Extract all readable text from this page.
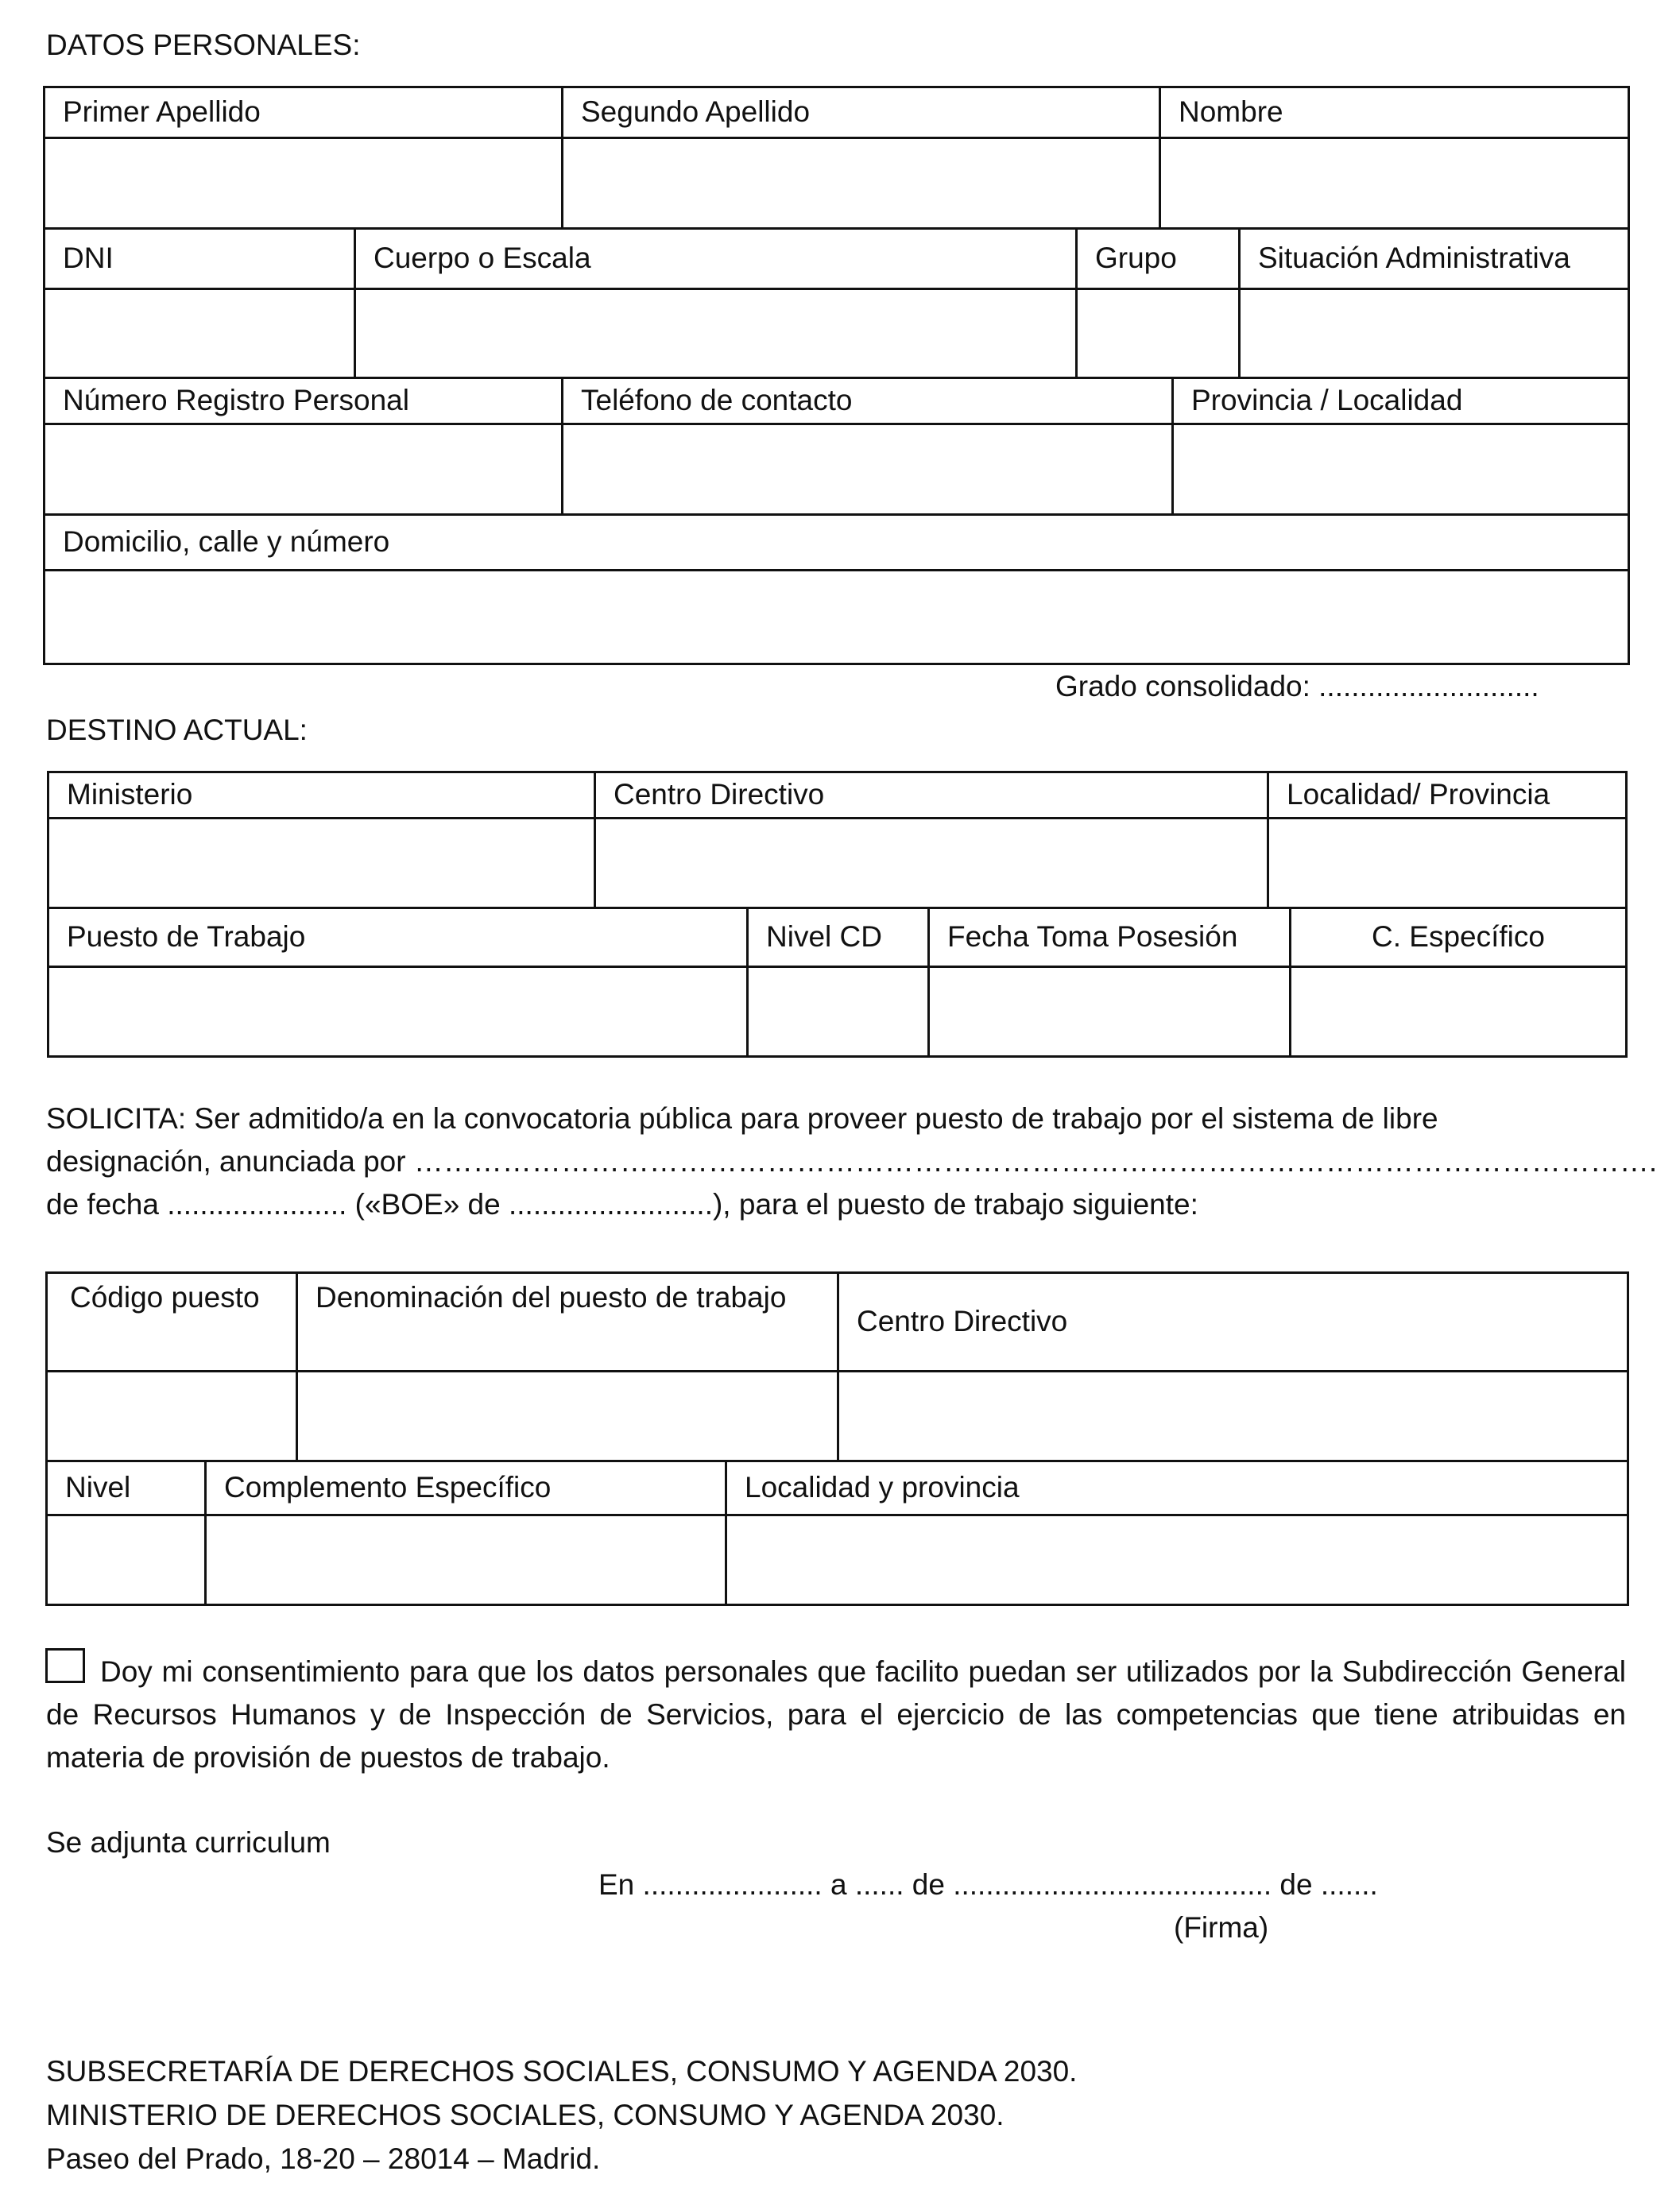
DATOS PERSONALES:
Primer Apellido	Segundo Apellido	Nombre

DNI	Cuerpo o Escala	Grupo	Situación Administrativa

Número Registro Personal	Teléfono de contacto	Provincia / Localidad

Domicilio, calle y número

Grado consolidado: ...........................
DESTINO ACTUAL:
Ministerio	Centro Directivo	Localidad/ Provincia

Puesto de Trabajo	Nivel CD	Fecha Toma Posesión	C. Específico

SOLICITA: Ser admitido/a en la convocatoria pública para proveer puesto de trabajo por el sistema de libre
designación, anunciada por ……………………………………………………………………………………………………………….
de fecha ...................... («BOE» de .........................), para el puesto de trabajo siguiente:
Código puesto	Denominación del puesto de trabajo	Centro Directivo

Nivel	Complemento Específico	Localidad y provincia

Doy mi consentimiento para que los datos personales que facilito puedan ser utilizados por la Subdirección General de Recursos Humanos y de Inspección de Servicios, para el ejercicio de las competencias que tiene atribuidas en materia de provisión de puestos de trabajo.
Se adjunta curriculum
En ...................... a ...... de ....................................... de .......
(Firma)
SUBSECRETARÍA DE DERECHOS SOCIALES, CONSUMO Y AGENDA 2030.
MINISTERIO DE DERECHOS SOCIALES, CONSUMO Y AGENDA 2030.
Paseo del Prado, 18-20 – 28014 – Madrid.
